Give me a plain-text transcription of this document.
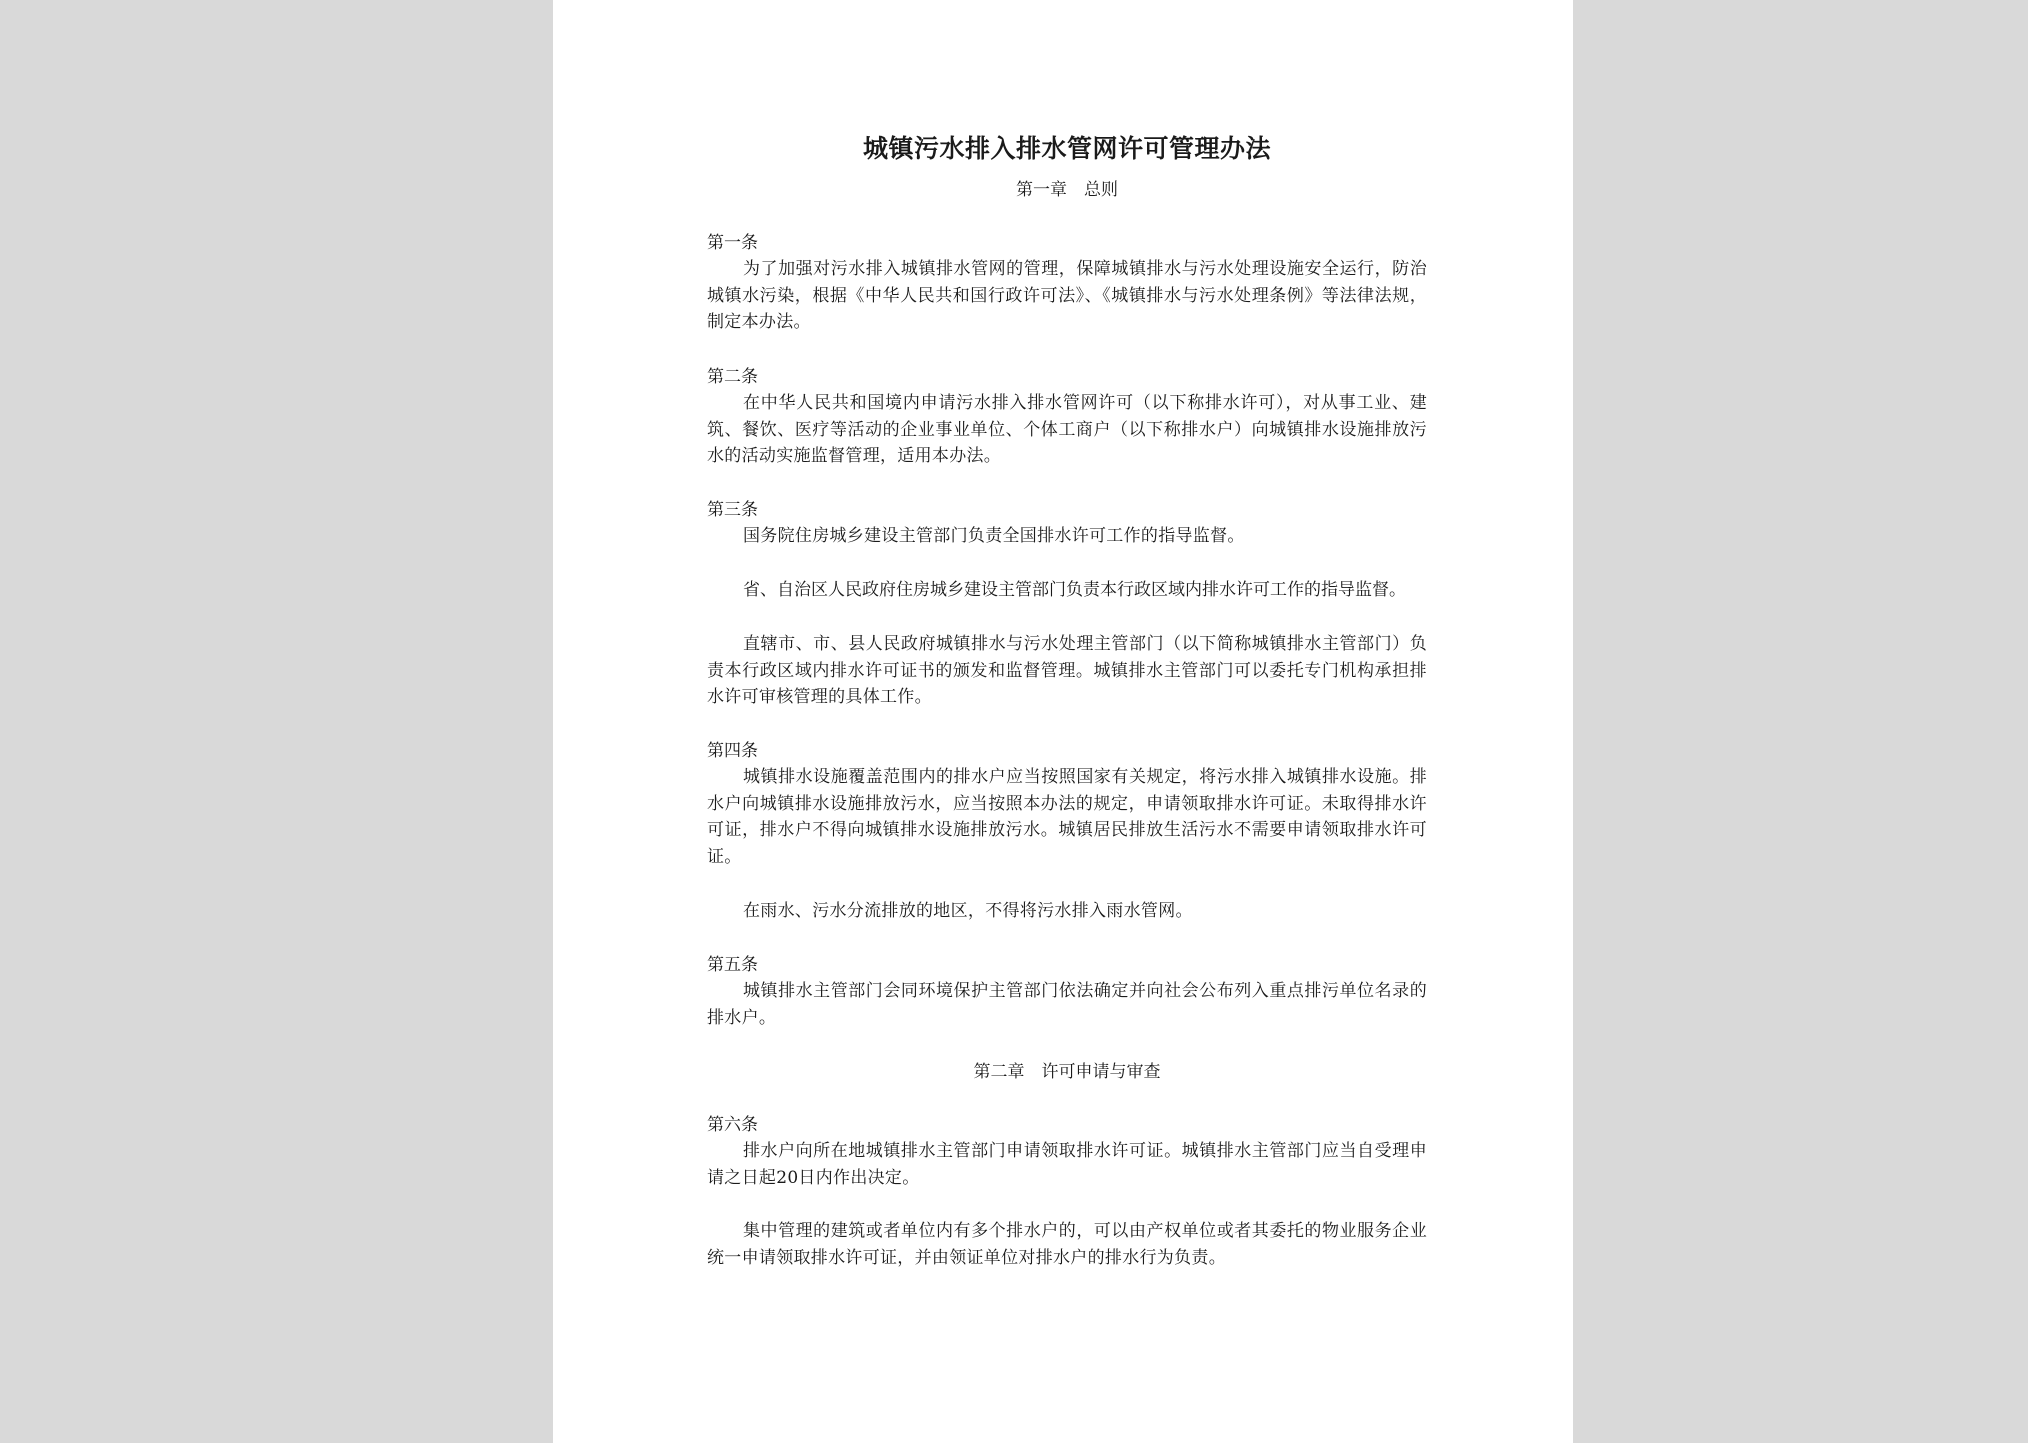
城镇污水排入排水管网许可管理办法
第一章　总则
第一条
为了加强对污水排入城镇排水管网的管理，保障城镇排水与污水处理设施安全运行，防治城镇水污染，根据《中华人民共和国行政许可法》、《城镇排水与污水处理条例》等法律法规，制定本办法。
第二条
在中华人民共和国境内申请污水排入排水管网许可（以下称排水许可），对从事工业、建筑、餐饮、医疗等活动的企业事业单位、个体工商户（以下称排水户）向城镇排水设施排放污水的活动实施监督管理，适用本办法。
第三条
国务院住房城乡建设主管部门负责全国排水许可工作的指导监督。
省、自治区人民政府住房城乡建设主管部门负责本行政区域内排水许可工作的指导监督。
直辖市、市、县人民政府城镇排水与污水处理主管部门（以下简称城镇排水主管部门）负责本行政区域内排水许可证书的颁发和监督管理。城镇排水主管部门可以委托专门机构承担排水许可审核管理的具体工作。
第四条
城镇排水设施覆盖范围内的排水户应当按照国家有关规定，将污水排入城镇排水设施。排水户向城镇排水设施排放污水，应当按照本办法的规定，申请领取排水许可证。未取得排水许可证，排水户不得向城镇排水设施排放污水。城镇居民排放生活污水不需要申请领取排水许可证。
在雨水、污水分流排放的地区，不得将污水排入雨水管网。
第五条
城镇排水主管部门会同环境保护主管部门依法确定并向社会公布列入重点排污单位名录的排水户。
第二章　许可申请与审查
第六条
排水户向所在地城镇排水主管部门申请领取排水许可证。城镇排水主管部门应当自受理申请之日起20日内作出决定。
集中管理的建筑或者单位内有多个排水户的，可以由产权单位或者其委托的物业服务企业统一申请领取排水许可证，并由领证单位对排水户的排水行为负责。
